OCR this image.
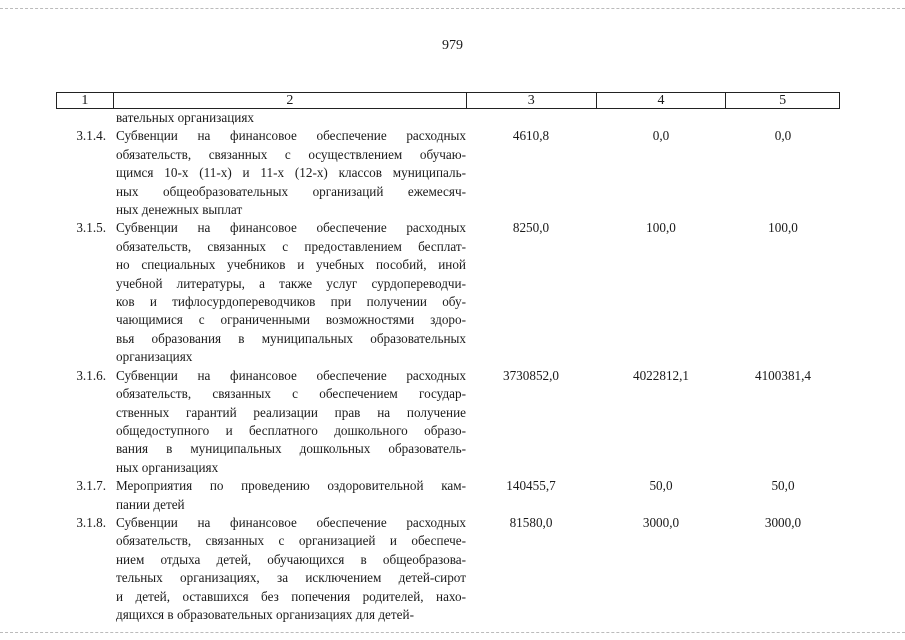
979
1	2	3	4	5
вательных организациях
3.1.4. Субвенции на финансовое обеспечение расходных
обязательств, связанных с осуществлением обучаю-
щимся 10-х (11-х) и 11-х (12-х) классов муниципаль-
ных общеобразовательных организаций ежемесяч-
ных денежных выплат
4610,8	0,0	0,0
3.1.5. Субвенции на финансовое обеспечение расходных
обязательств, связанных с предоставлением бесплат-
но специальных учебников и учебных пособий, иной
учебной литературы, а также услуг сурдопереводчи-
ков и тифлосурдопереводчиков при получении обу-
чающимися с ограниченными возможностями здоро-
вья образования в муниципальных образовательных
организациях
8250,0	100,0	100,0
3.1.6. Субвенции на финансовое обеспечение расходных
обязательств, связанных с обеспечением государ-
ственных гарантий реализации прав на получение
общедоступного и бесплатного дошкольного образо-
вания в муниципальных дошкольных образователь-
ных организациях
3730852,0	4022812,1	4100381,4
3.1.7. Мероприятия по проведению оздоровительной кам-
пании детей
140455,7	50,0	50,0
3.1.8. Субвенции на финансовое обеспечение расходных
обязательств, связанных с организацией и обеспече-
нием отдыха детей, обучающихся в общеобразова-
тельных организациях, за исключением детей-сирот
и детей, оставшихся без попечения родителей, нахо-
дящихся в образовательных организациях для детей-
81580,0	3000,0	3000,0
